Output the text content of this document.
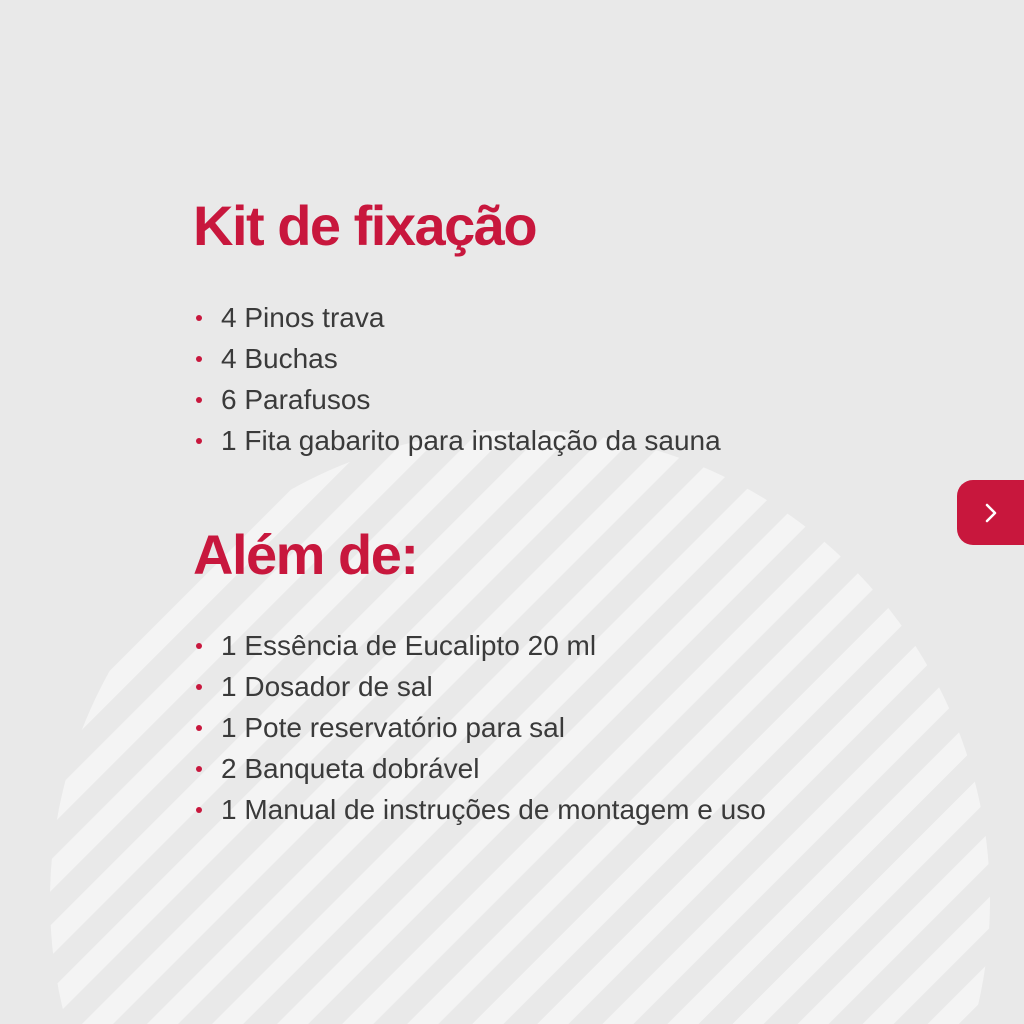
Kit de fixação
4 Pinos trava
4 Buchas
6 Parafusos
1 Fita gabarito para instalação da sauna
Além de:
1 Essência de Eucalipto 20 ml
1 Dosador de sal
1 Pote reservatório para sal
2 Banqueta dobrável
1 Manual de instruções de montagem e uso
